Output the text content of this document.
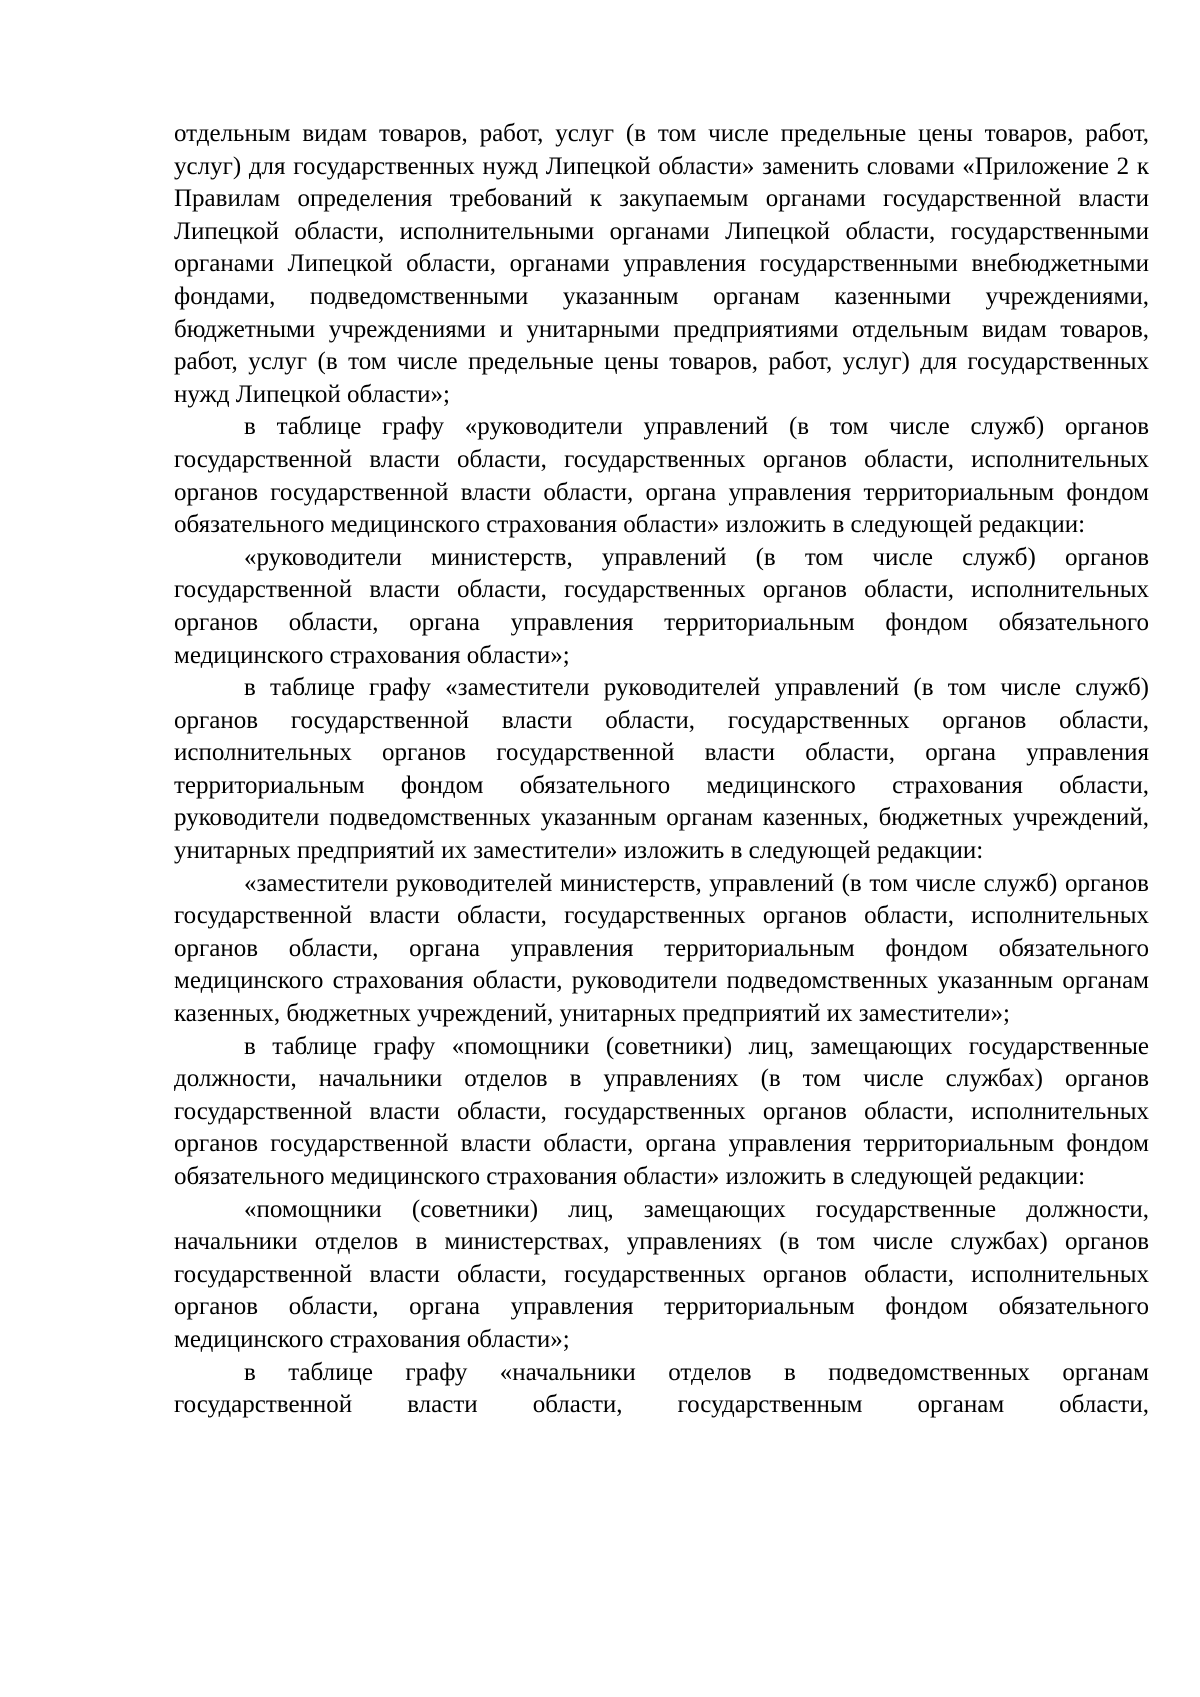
отдельным видам товаров, работ, услуг (в том числе предельные цены товаров, работ, услуг) для государственных нужд Липецкой области» заменить словами «Приложение 2 к Правилам определения требований к закупаемым органами государственной власти Липецкой области, исполнительными органами Липецкой области, государственными органами Липецкой области, органами управления государственными внебюджетными фондами, подведомственными указанным органам казенными учреждениями, бюджетными учреждениями и унитарными предприятиями отдельным видам товаров, работ, услуг (в том числе предельные цены товаров, работ, услуг) для государственных нужд Липецкой области»;

в таблице графу «руководители управлений (в том числе служб) органов государственной власти области, государственных органов области, исполнительных органов государственной власти области, органа управления территориальным фондом обязательного медицинского страхования области» изложить в следующей редакции:

«руководители министерств, управлений (в том числе служб) органов государственной власти области, государственных органов области, исполнительных органов области, органа управления территориальным фондом обязательного медицинского страхования области»;

в таблице графу «заместители руководителей управлений (в том числе служб) органов государственной власти области, государственных органов области, исполнительных органов государственной власти области, органа управления территориальным фондом обязательного медицинского страхования области, руководители подведомственных указанным органам казенных, бюджетных учреждений, унитарных предприятий их заместители» изложить в следующей редакции:

«заместители руководителей министерств, управлений (в том числе служб) органов государственной власти области, государственных органов области, исполнительных органов области, органа управления территориальным фондом обязательного медицинского страхования области, руководители подведомственных указанным органам казенных, бюджетных учреждений, унитарных предприятий их заместители»;

в таблице графу «помощники (советники) лиц, замещающих государственные должности, начальники отделов в управлениях (в том числе службах) органов государственной власти области, государственных органов области, исполнительных органов государственной власти области, органа управления территориальным фондом обязательного медицинского страхования области» изложить в следующей редакции:

«помощники (советники) лиц, замещающих государственные должности, начальники отделов в министерствах, управлениях (в том числе службах) органов государственной власти области, государственных органов области, исполнительных органов области, органа управления территориальным фондом обязательного медицинского страхования области»;

в таблице графу «начальники отделов в подведомственных органам государственной власти области, государственным органам области,
